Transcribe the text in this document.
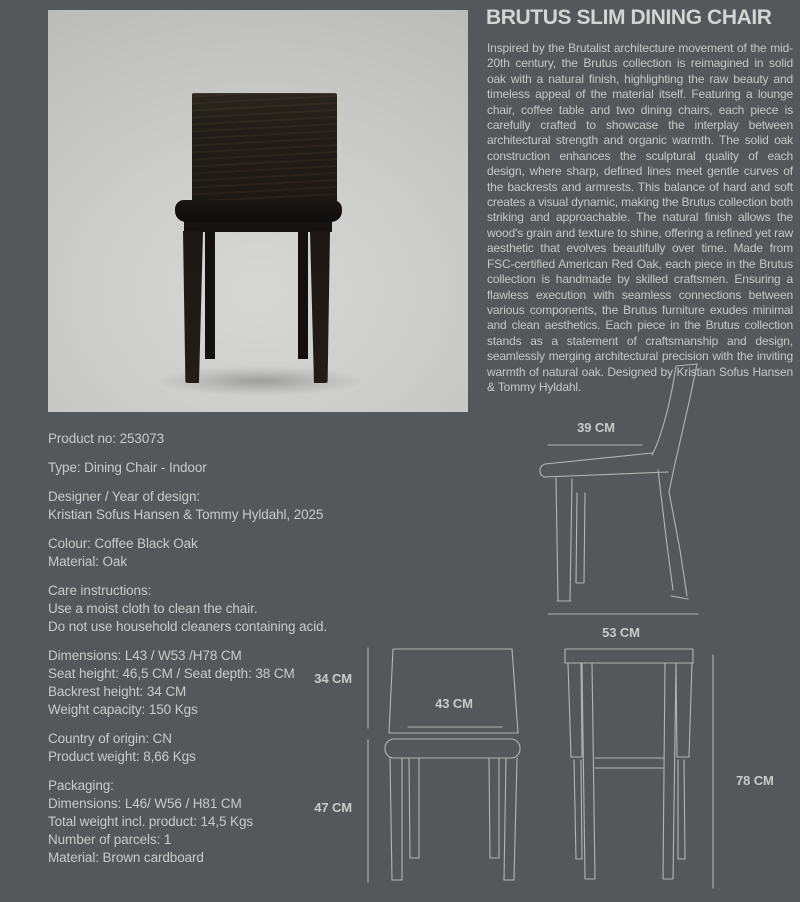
BRUTUS SLIM DINING CHAIR

Inspired by the Brutalist architecture movement of the mid-20th century, the Brutus collection is reimagined in solid oak with a natural finish, highlighting the raw beauty and timeless appeal of the material itself. Featuring a lounge chair, coffee table and two dining chairs, each piece is carefully crafted to showcase the interplay between architectural strength and organic warmth. The solid oak construction enhances the sculptural quality of each design, where sharp, defined lines meet gentle curves of the backrests and armrests. This balance of hard and soft creates a visual dynamic, making the Brutus collection both striking and approachable. The natural finish allows the wood's grain and texture to shine, offering a refined yet raw aesthetic that evolves beautifully over time. Made from FSC-certified American Red Oak, each piece in the Brutus collection is handmade by skilled craftsmen. Ensuring a flawless execution with seamless connections between various components, the Brutus furniture exudes minimal and clean aesthetics. Each piece in the Brutus collection stands as a statement of craftsmanship and design, seamlessly merging architectural precision with the inviting warmth of natural oak. Designed by Kristian Sofus Hansen & Tommy Hyldahl.

Product no: 253073
Type: Dining Chair - Indoor
Designer / Year of design:
Kristian Sofus Hansen & Tommy Hyldahl, 2025
Colour: Coffee Black Oak
Material: Oak
Care instructions:
Use a moist cloth to clean the chair.
Do not use household cleaners containing acid.
Dimensions: L43 / W53 /H78 CM
Seat height: 46,5 CM / Seat depth: 38 CM
Backrest height: 34 CM
Weight capacity: 150 Kgs
Country of origin: CN
Product weight: 8,66 Kgs
Packaging:
Dimensions: L46/ W56 / H81 CM
Total weight incl. product: 14,5 Kgs
Number of parcels: 1
Material: Brown cardboard
39 CM
53 CM
34 CM
43 CM
47 CM
78 CM
